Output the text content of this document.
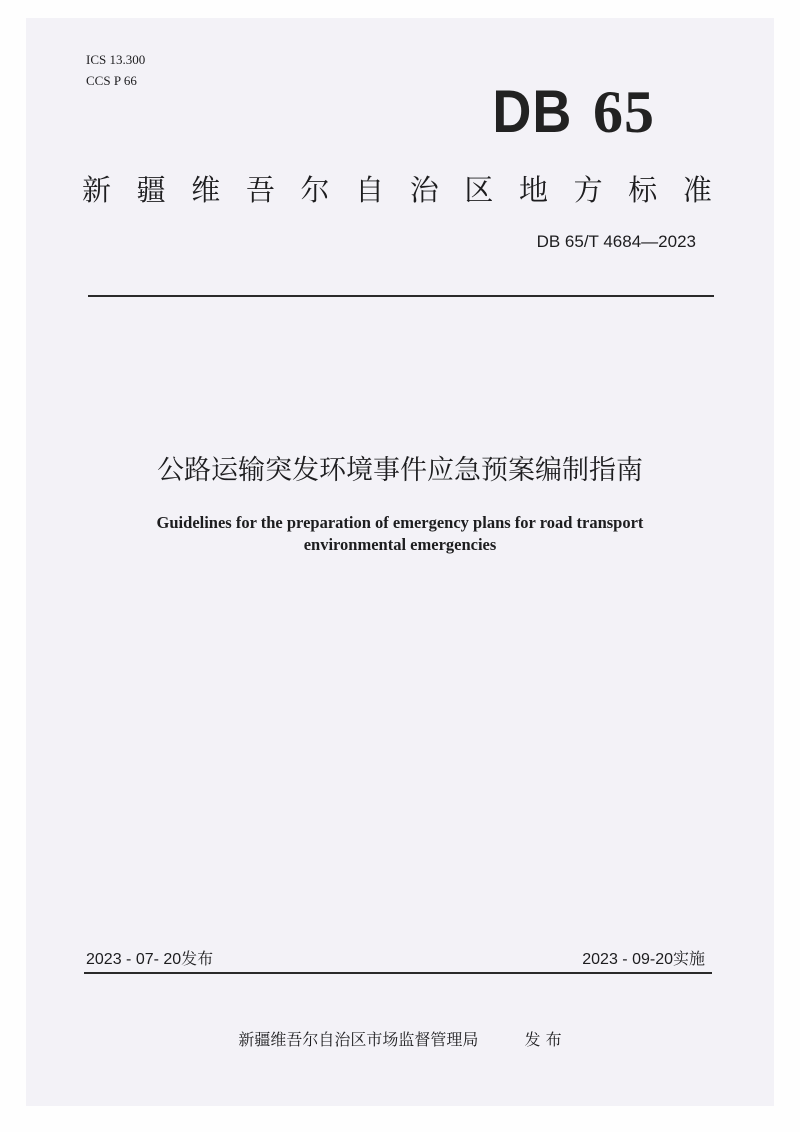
ICS 13.300

CCS P 66	DB 65
新 疆 维 吾 尔 自 治 区 地 方 标 准

DB 65/T 4684—2023

公路运输突发环境事件应急预案编制指南

Guidelines for the preparation of emergency plans for road transport
environmental emergencies

2023 - 07- 20发布	2023 - 09-20实施

新疆维吾尔自治区市场监督管理局	发 布
